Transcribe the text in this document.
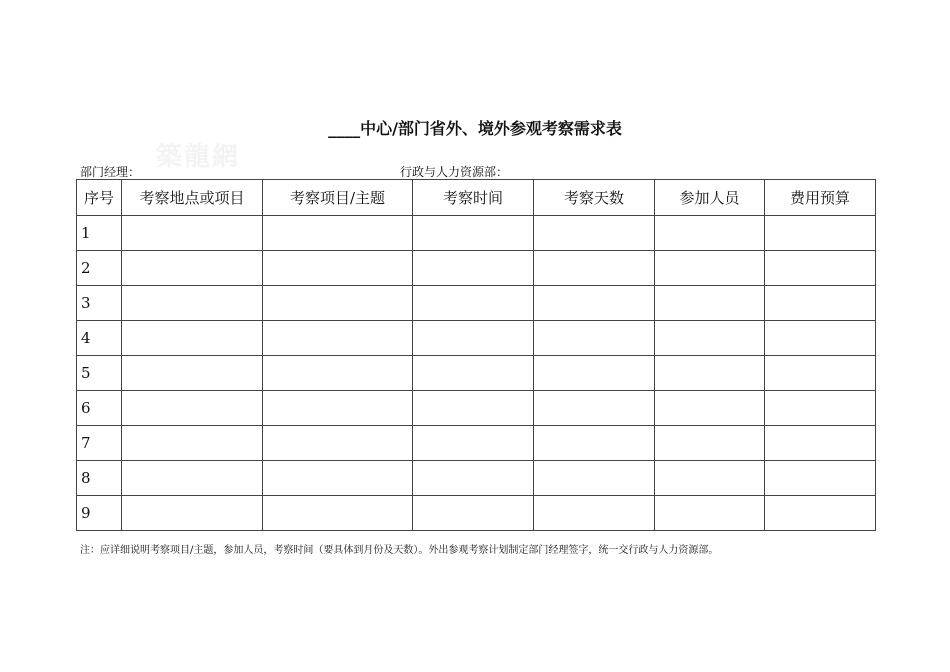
____中心/部门省外、境外参观考察需求表
築龍網
部门经理：	行政与人力资源部：
序号	考察地点或项目	考察项目/主题	考察时间	考察天数	参加人员	费用预算
1						
2						
3						
4						
5						
6						
7						
8						
9						
注：应详细说明考察项目/主题，参加人员，考察时间（要具体到月份及天数）。外出参观考察计划制定部门经理签字，统一交行政与人力资源部。
